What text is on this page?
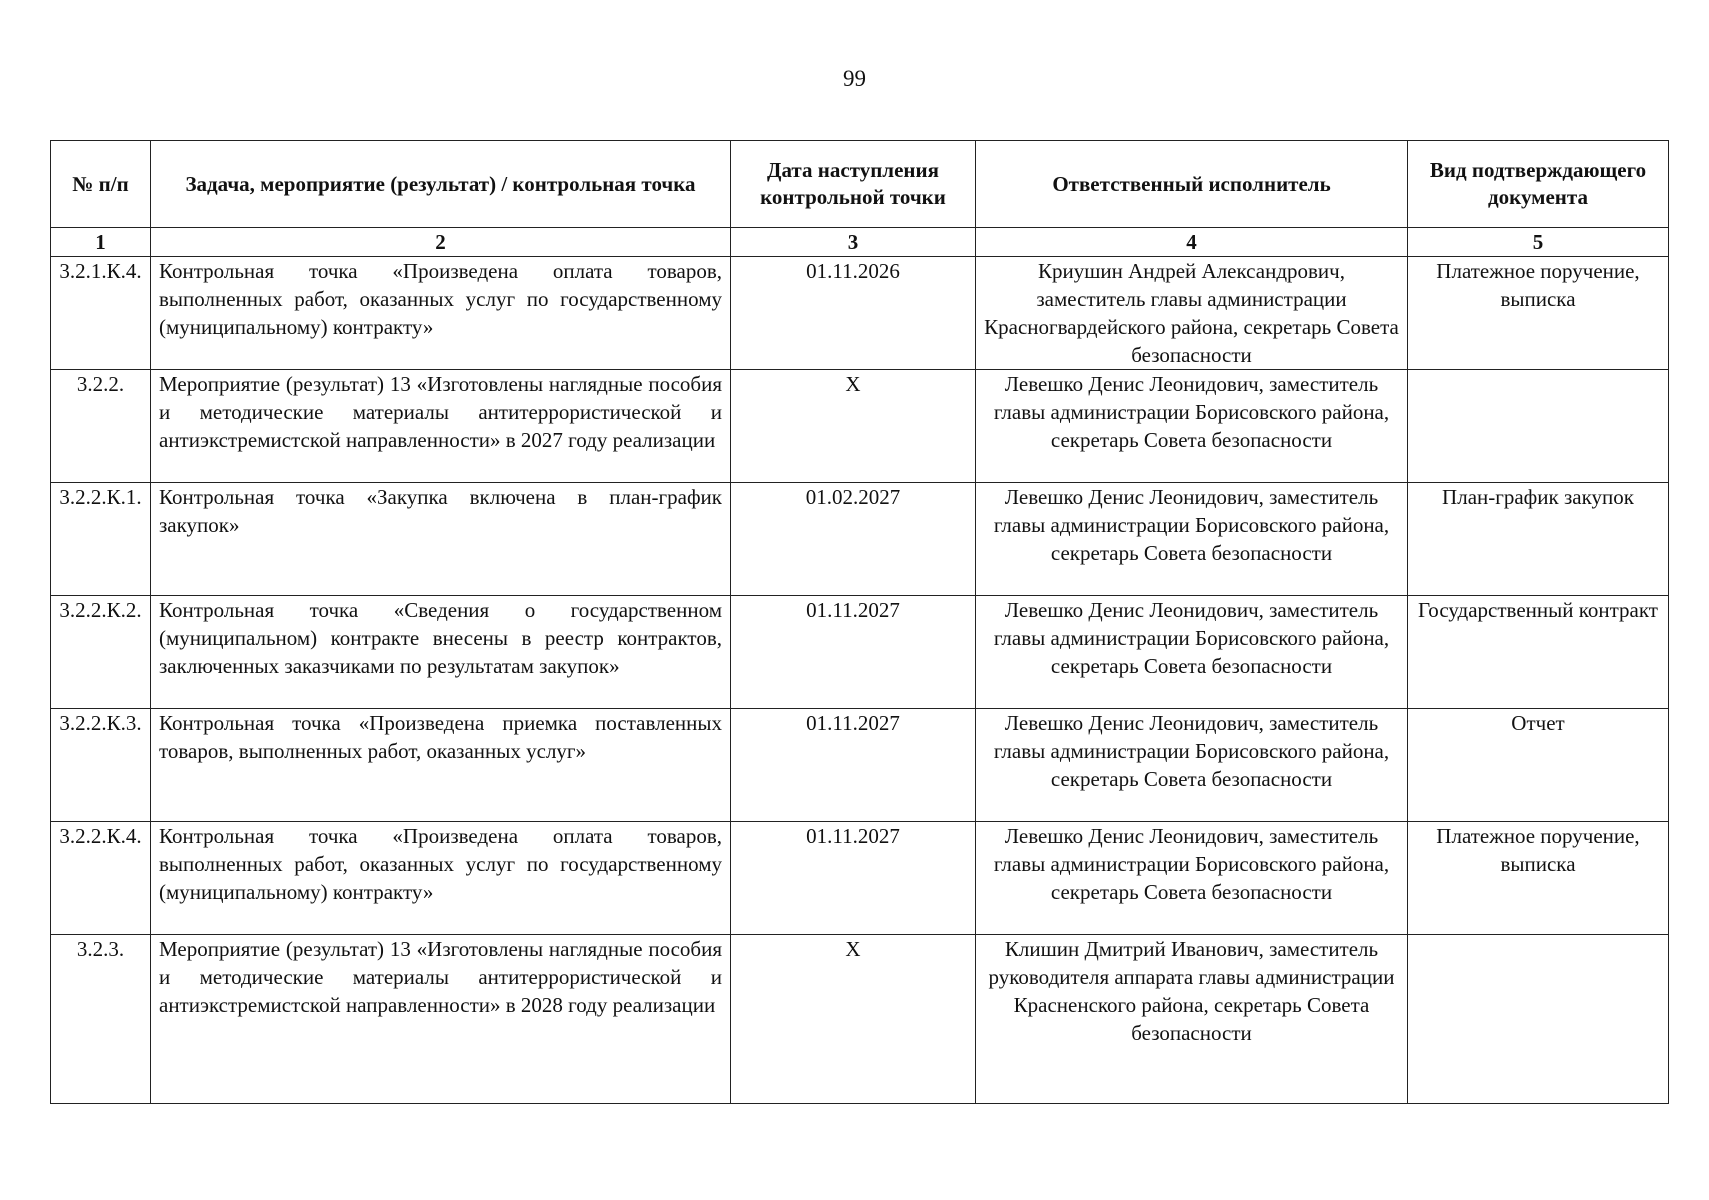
99
№ п/п	Задача, мероприятие (результат) / контрольная точка	Дата наступления контрольной точки	Ответственный исполнитель	Вид подтверждающего документа
1	2	3	4	5
3.2.1.К.4.	Контрольная точка «Произведена оплата товаров, выполненных работ, оказанных услуг по государственному (муниципальному) контракту»	01.11.2026	Криушин Андрей Александрович, заместитель главы администрации Красногвардейского района, секретарь Совета безопасности	Платежное поручение, выписка
3.2.2.	Мероприятие (результат) 13 «Изготовлены наглядные пособия и методические материалы антитеррористической и антиэкстремистской направленности» в 2027 году реализации	Х	Левешко Денис Леонидович, заместитель главы администрации Борисовского района, секретарь Совета безопасности	
3.2.2.К.1.	Контрольная точка «Закупка включена в план-график закупок»	01.02.2027	Левешко Денис Леонидович, заместитель главы администрации Борисовского района, секретарь Совета безопасности	План-график закупок
3.2.2.К.2.	Контрольная точка «Сведения о государственном (муниципальном) контракте внесены в реестр контрактов, заключенных заказчиками по результатам закупок»	01.11.2027	Левешко Денис Леонидович, заместитель главы администрации Борисовского района, секретарь Совета безопасности	Государственный контракт
3.2.2.К.3.	Контрольная точка «Произведена приемка поставленных товаров, выполненных работ, оказанных услуг»	01.11.2027	Левешко Денис Леонидович, заместитель главы администрации Борисовского района, секретарь Совета безопасности	Отчет
3.2.2.К.4.	Контрольная точка «Произведена оплата товаров, выполненных работ, оказанных услуг по государственному (муниципальному) контракту»	01.11.2027	Левешко Денис Леонидович, заместитель главы администрации Борисовского района, секретарь Совета безопасности	Платежное поручение, выписка
3.2.3.	Мероприятие (результат) 13 «Изготовлены наглядные пособия и методические материалы антитеррористической и антиэкстремистской направленности» в 2028 году реализации	Х	Клишин Дмитрий Иванович, заместитель руководителя аппарата главы администрации Красненского района, секретарь Совета безопасности	
